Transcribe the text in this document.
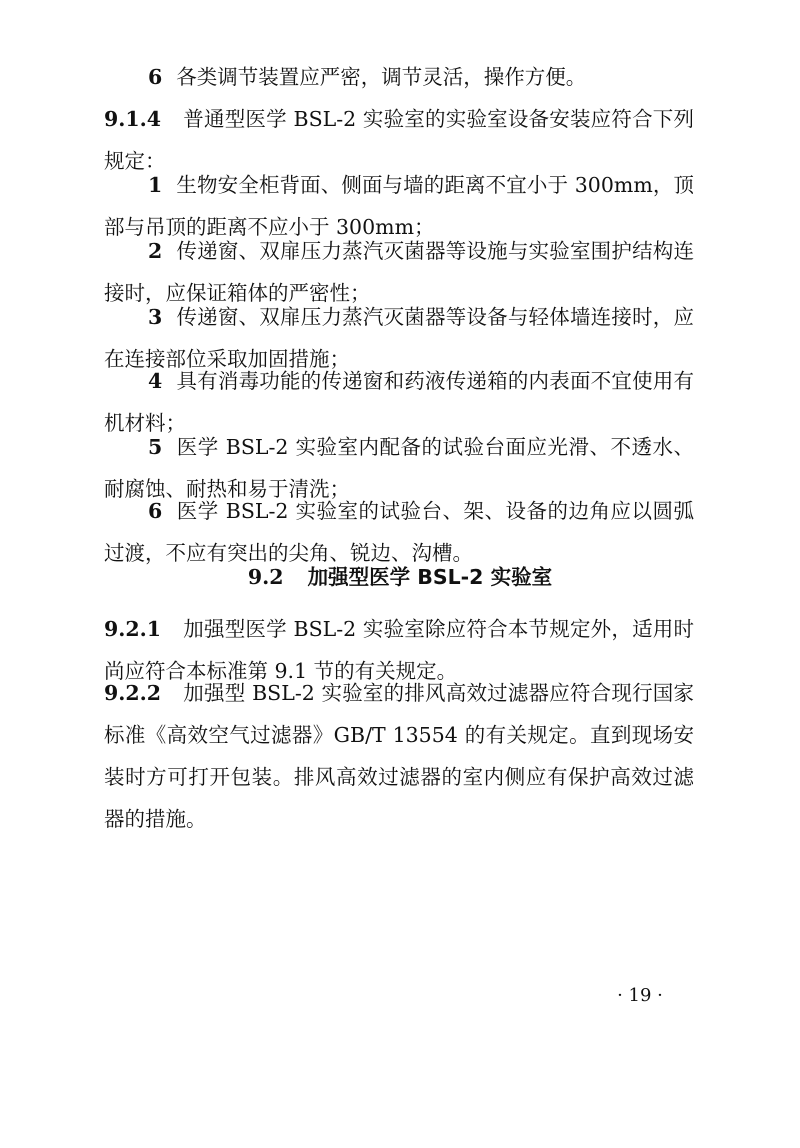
6 各类调节装置应严密，调节灵活，操作方便。

9.1.4 普通型医学 BSL-2 实验室的实验室设备安装应符合下列规定：

1 生物安全柜背面、侧面与墙的距离不宜小于 300mm，顶部与吊顶的距离不应小于 300mm；

2 传递窗、双扉压力蒸汽灭菌器等设施与实验室围护结构连接时，应保证箱体的严密性；

3 传递窗、双扉压力蒸汽灭菌器等设备与轻体墙连接时，应在连接部位采取加固措施；

4 具有消毒功能的传递窗和药液传递箱的内表面不宜使用有机材料；

5 医学 BSL-2 实验室内配备的试验台面应光滑、不透水、耐腐蚀、耐热和易于清洗；

6 医学 BSL-2 实验室的试验台、架、设备的边角应以圆弧过渡，不应有突出的尖角、锐边、沟槽。

9.2 加强型医学 BSL-2 实验室

9.2.1 加强型医学 BSL-2 实验室除应符合本节规定外，适用时尚应符合本标准第 9.1 节的有关规定。

9.2.2 加强型 BSL-2 实验室的排风高效过滤器应符合现行国家标准《高效空气过滤器》GB/T 13554 的有关规定。直到现场安装时方可打开包装。排风高效过滤器的室内侧应有保护高效过滤器的措施。

· 19 ·
